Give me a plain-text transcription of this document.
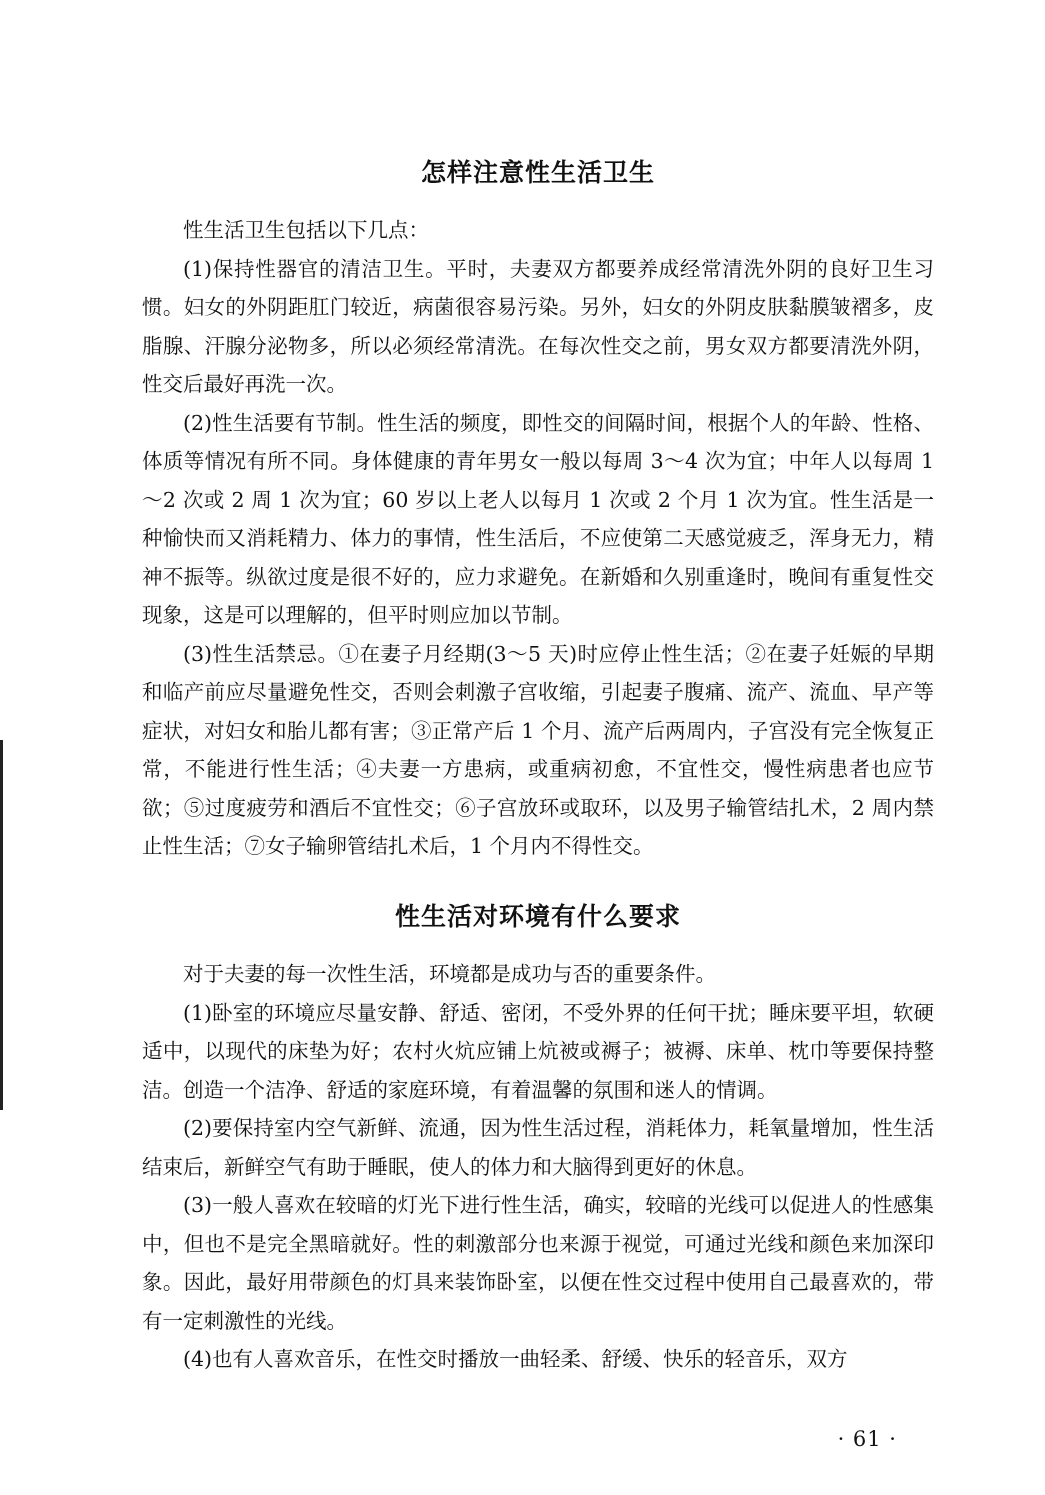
怎样注意性生活卫生

性生活卫生包括以下几点：

(1)保持性器官的清洁卫生。平时，夫妻双方都要养成经常清洗外阴的良好卫生习惯。妇女的外阴距肛门较近，病菌很容易污染。另外，妇女的外阴皮肤黏膜皱褶多，皮脂腺、汗腺分泌物多，所以必须经常清洗。在每次性交之前，男女双方都要清洗外阴，性交后最好再洗一次。

(2)性生活要有节制。性生活的频度，即性交的间隔时间，根据个人的年龄、性格、体质等情况有所不同。身体健康的青年男女一般以每周 3～4 次为宜；中年人以每周 1～2 次或 2 周 1 次为宜；60 岁以上老人以每月 1 次或 2 个月 1 次为宜。性生活是一种愉快而又消耗精力、体力的事情，性生活后，不应使第二天感觉疲乏，浑身无力，精神不振等。纵欲过度是很不好的，应力求避免。在新婚和久别重逢时，晚间有重复性交现象，这是可以理解的，但平时则应加以节制。

(3)性生活禁忌。①在妻子月经期(3～5 天)时应停止性生活；②在妻子妊娠的早期和临产前应尽量避免性交，否则会刺激子宫收缩，引起妻子腹痛、流产、流血、早产等症状，对妇女和胎儿都有害；③正常产后 1 个月、流产后两周内，子宫没有完全恢复正常，不能进行性生活；④夫妻一方患病，或重病初愈，不宜性交，慢性病患者也应节欲；⑤过度疲劳和酒后不宜性交；⑥子宫放环或取环，以及男子输管结扎术，2 周内禁止性生活；⑦女子输卵管结扎术后，1 个月内不得性交。

性生活对环境有什么要求

对于夫妻的每一次性生活，环境都是成功与否的重要条件。

(1)卧室的环境应尽量安静、舒适、密闭，不受外界的任何干扰；睡床要平坦，软硬适中，以现代的床垫为好；农村火炕应铺上炕被或褥子；被褥、床单、枕巾等要保持整洁。创造一个洁净、舒适的家庭环境，有着温馨的氛围和迷人的情调。

(2)要保持室内空气新鲜、流通，因为性生活过程，消耗体力，耗氧量增加，性生活结束后，新鲜空气有助于睡眠，使人的体力和大脑得到更好的休息。

(3)一般人喜欢在较暗的灯光下进行性生活，确实，较暗的光线可以促进人的性感集中，但也不是完全黑暗就好。性的刺激部分也来源于视觉，可通过光线和颜色来加深印象。因此，最好用带颜色的灯具来装饰卧室，以便在性交过程中使用自己最喜欢的，带有一定刺激性的光线。

(4)也有人喜欢音乐，在性交时播放一曲轻柔、舒缓、快乐的轻音乐，双方

· 61 ·
